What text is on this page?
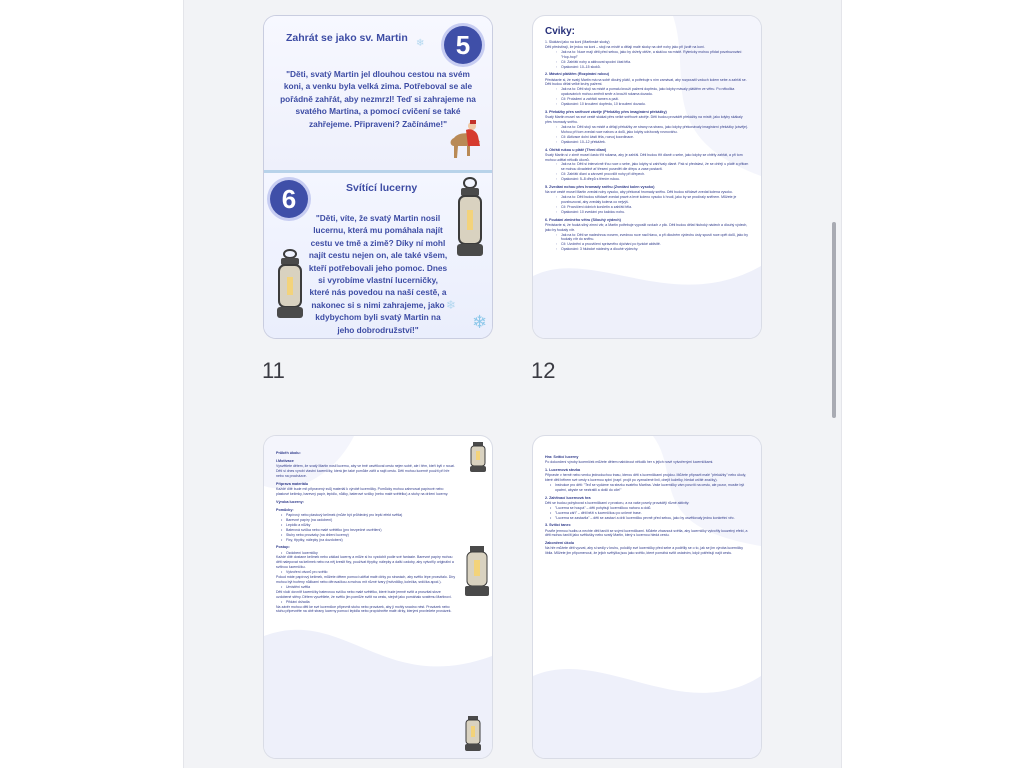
Zahrát se jako sv. Martin	5
"Děti, svatý Martin jel dlouhou cestou na svém koni, a venku byla velká zima. Potřeboval se ale pořádně zahřát, aby nezmrzl! Teď si zahrajeme na svatého Martina, a pomocí cvičení se také zahřejeme. Připraveni? Začínáme!"
6	Svítící lucerny
"Děti, víte, že svatý Martin nosil lucernu, která mu pomáhala najít cestu ve tmě a zimě? Díky ní mohl najít cestu nejen on, ale také všem, kteří potřebovali jeho pomoc. Dnes si vyrobíme vlastní lucerničky, které nás povedou na naší cestě, a nakonec si s nimi zahrajeme, jako kdybychom byli svatý Martin na jeho dobrodružství!"	❄
❄
❄
11
Cvіky:
1. Skákání jako na koni (Martinské skoky)
Děti předstírají, že jedou na koni – stojí na místě a dělají malé skoky na obě nohy jako při jízdě na koni.
◦ Jak na to: Nuce mají děti před sebou, jako by držely otěže, a skáčou na místě. Rytmicky mohou přidat povzbuzování: "Hop-hop!"
◦ Cíl: Zahřátí nohy a aktivovat spodní část těla.
◦ Opakování: 10–15 skoků.
2. Mávání pláštěm (Rozpínání rukou)
Představte si, že svatý Martin má na sobě dlouhý plášť, a potřebuje s ním zamávat, aby rozpoustil vzduch kolem sebe a zahřál se. Děti budou dělat velké kruhy pažemi.
◦ Jak na to: Děti stojí na místě a pomalu krouží pažemi dopředu, jako kdyby mávaly pláštěm ve větru. Po několika opakováních mohou změnit směr a kroužit rukama dozadu.
◦ Cíl: Protažení a zahřátí ramen a paží.
◦ Opakování: 10 kroužení dopředu, 10 kroužení dozadu.
3. Překážky přes sněhové závěje (Překážky přes imaginární překážky)
Svatý Martin musel na své cestě skákat přes velké sněhové závěje. Děti budou provádět překážky na místě, jako kdyby skákaly přes hromady sněhu.
◦ Jak na to: Děti stojí na místě a dělají překážky ze strany na stranu, jako kdyby překonávaly imaginární překážky (závěje). Mohou při tom zvedat ruce nahoru a dolů, jako kdyby udržovaly rovnováhu.
◦ Cíl: Aktivace dolní části těla, rozvoj koordinace.
◦ Opakování: 10–12 překážek.
4. Ohřátí rukou u plátě (Tření dlaní)
Svatý Martin si v zimě musel často třít rukama, aby je zahřál. Děti budou třít dlaně o sebe, jako kdyby se chtěly zahřát, a při tom mohou udělat několik úkonů.
◦ Jak na to: Děti si intenzivně třou ruce o sebe, jako kdyby si zahřívaly dlaně. Pak si představí, že se ohřejí u plátě a přitom se mohou divadelně ať třesení pusedět dle dřepu a zase postavit.
◦ Cíl: Zahřátí dlaní a zároveň procvičit nohy při dřepech.
◦ Opakování: 5–8 dřepů s třením rukou.
5. Zvedání nohou přes hromady sněhu (Zvedání kolen vysoko)
Na své cestě musel Martin zvedat nohy vysoko, aby překonal hromady sněhu. Děti budou střídavě zvedat kolena vysoko.
◦ Jak na to: Děti budou střídavě zvedat pravé a levé koleno vysoko k hrudi, jako by se prodíraly sněhem. Můžete je povzbuzovat, aby zvedaly kolena co nejvýš.
◦ Cíl: Procvičení dolních končetin a zahřátí těla.
◦ Opakování: 10 zvedání pro každou nohu.
6. Foukání ziminého větru (Silouhý výdech)
Představte si, že fouká silný zimní vítr, a Martin potřebuje vyposlit vzduch z plic. Děti budou dělat hluboký nádech a dlouhý výdech, jako by foukaly vítr.
◦ Jak na to: Děti se nadechnou nosem, zvednou ruce nad hlavu, a při dlouhém výdechu ústy spustí ruce opět dolů, jako by foukaly vítr do sněhu.
◦ Cíl: Uvolnění a procvičení správného dýchání po fyzické aktivitě.
◦ Opakování: 3 hluboké nádechy a dlouhé výdechy.
12
Průběh úkolu:
I.Motivace
Vysvětlete dětem, že svatý Martin nosil lucernu, aby ve tmě osvětloval cestu nejen sobě, ale i těm, kteří byli v nouzi. Děti si dnes vyrobí vlastní lucerničky, která jim také pomůže zářit a najít cestu. Děti mohou lucerně použít při hře nebo na procházce.
Příprava materiálu
Každé dítě bude mít připravený svůj materiál k výrobě lucerničky. Pomůcky mohou zahrnovat papírové nebo plastové kelímky, barevný papír, lepidlo, nůžky, baterové svíčky (nebo malé světélko) a stuhy na držení lucerny.
Výroba lucerny:
Pomůcky:
• Papírový nebo plastový kelímek (může být průhledný pro lepší efekt světla)
• Barevné papíry (na ozdobení)
• Lepidlo a nůžky
• Baterová svíčka nebo malé světélko (pro bezpečné osvětlení)
• Stuhy nebo provázky (na držení lucerny)
• Fixy, třpytky, nálepky (na dozdobení)
Postup:
• Ozdobení lucerničky
Každé dítě dostane kelímek nebo základ lucerny a může si ho vyzdobit podle své fantazie. Barevné papíry mohou děti nalepovat na kelímek nebo na něj kreslit fixy, používat třpytky, nálepky a další ozdoby, aby vytvořily originální a svítivou lucerničku.
• Vytvoření otvorů pro světlo
Pokud máte papírový kelímek, můžete dětem pomoci udělat malé dírky po stranách, aby světlo lépe prosvítalo. Díry mohou být tvořeny nůžkami nebo děrovačkou a mohou mít různé tvary (hvězdičky, kolečka, srdíčka apod.).
• Umístění světla
Děti vloží dovnitř lucerničky baterovou svíčku nebo malé světélko, které bude jemně svítit a prosvítat skrze ozdobené stěny. Dětem vysvětlete, že světlo jim pomůže svítit na cestu, stejně jako pomáhalo svatému Martinovi.
• Přidání držadla
Na závěr mohou děti ke své lucerničce připevnit stuhu nebo provázek, aby ji mohly snadno nést. Provázek nebo stuhu připevněte na obě strany lucerny pomocí lepidla nebo propíchněte malé dírky, kterými provlečete provázek.
Hra: Svítící lucerny
Po dokončení výroby lucerniček můžete dětem nabídnout několik her s jejich nově vytvořenými lucerničkami.
1. Lucernová stezka
Připravte v herně nebo venku jednoduchou trasu, kterou děti s lucerničkami projdou. Můžete připravit malé "překážky" nebo úkoly, které děti během své cesty s lucernou splní (např. projít po vyznačené linii, obejít kuželky, hledat určité značky).
• Instrukce pro děti: "Teď se vydáme na stezku svatého Martina. Vaše lucerničky vám posvítí na cestu, ale pozor, musíte být opatrní, abyste se neztratili a došli do cíle!"
2. Zahřívací lucernová hra
Děti se budou pohybovat s lucerničkami v prostoru, a na vaše povely provádějí různé aktivity:
• "Lucerna se houpá" – děti pohybují lucerničkou nahoru a dolů.
• "Lucerna září" – děti běží s lucerničkou po určené trase.
• "Lucerna se zastavila" – děti se zastaví a drží lucerničku pevně před sebou, jako by osvětlovaly jednu konkrétní věc.
3. Svítící tanec
Pusťte jemnou hudbu a nechte děti tančit se svými lucerničkami. Můžete zhasnout světla, aby lucerničky vytvořily kouzelný efekt, a děti mohou tančit jako světlušky nebo svatý Martin, který s lucernou hledá cestu.
Zakončení úkolu
Na hře můžete děti vyzvat, aby si sedly v kruhu, položily své lucerničky před sebe a podělily se o to, jak se jim výroba lucerničky líbila. Můžete jim připomenout, že jejich světýlka jsou jako světlo, které pomáhá svítit ostatním, když potřebují najít cestu.
